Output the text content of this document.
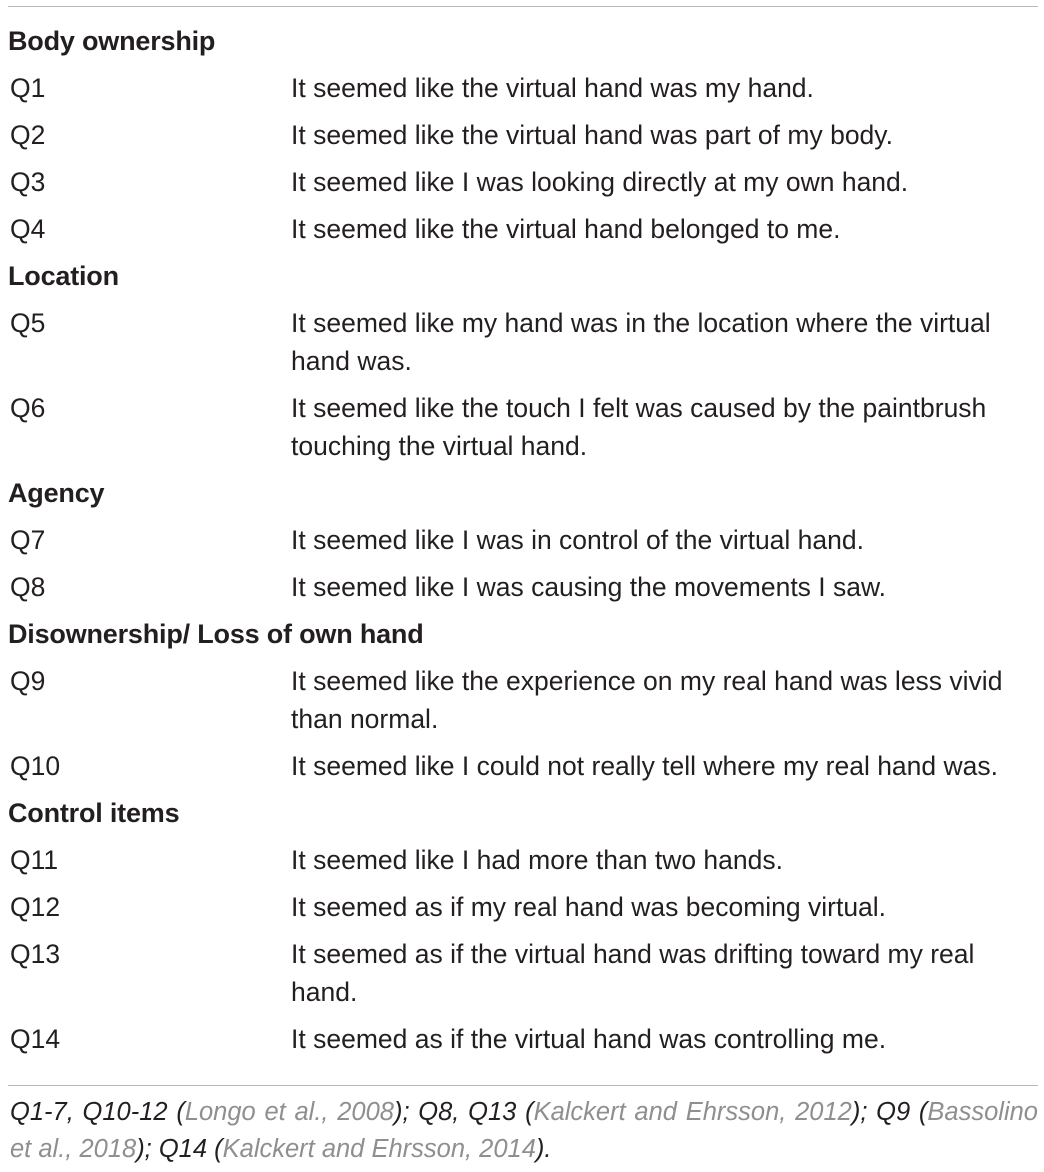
Body ownership
Q1	It seemed like the virtual hand was my hand.
Q2	It seemed like the virtual hand was part of my body.
Q3	It seemed like I was looking directly at my own hand.
Q4	It seemed like the virtual hand belonged to me.
Location
Q5	It seemed like my hand was in the location where the virtual hand was.
Q6	It seemed like the touch I felt was caused by the paintbrush touching the virtual hand.
Agency
Q7	It seemed like I was in control of the virtual hand.
Q8	It seemed like I was causing the movements I saw.
Disownership/ Loss of own hand
Q9	It seemed like the experience on my real hand was less vivid than normal.
Q10	It seemed like I could not really tell where my real hand was.
Control items
Q11	It seemed like I had more than two hands.
Q12	It seemed as if my real hand was becoming virtual.
Q13	It seemed as if the virtual hand was drifting toward my real hand.
Q14	It seemed as if the virtual hand was controlling me.
Q1-7, Q10-12 (Longo et al., 2008); Q8, Q13 (Kalckert and Ehrsson, 2012); Q9 (Bassolino et al., 2018); Q14 (Kalckert and Ehrsson, 2014).
